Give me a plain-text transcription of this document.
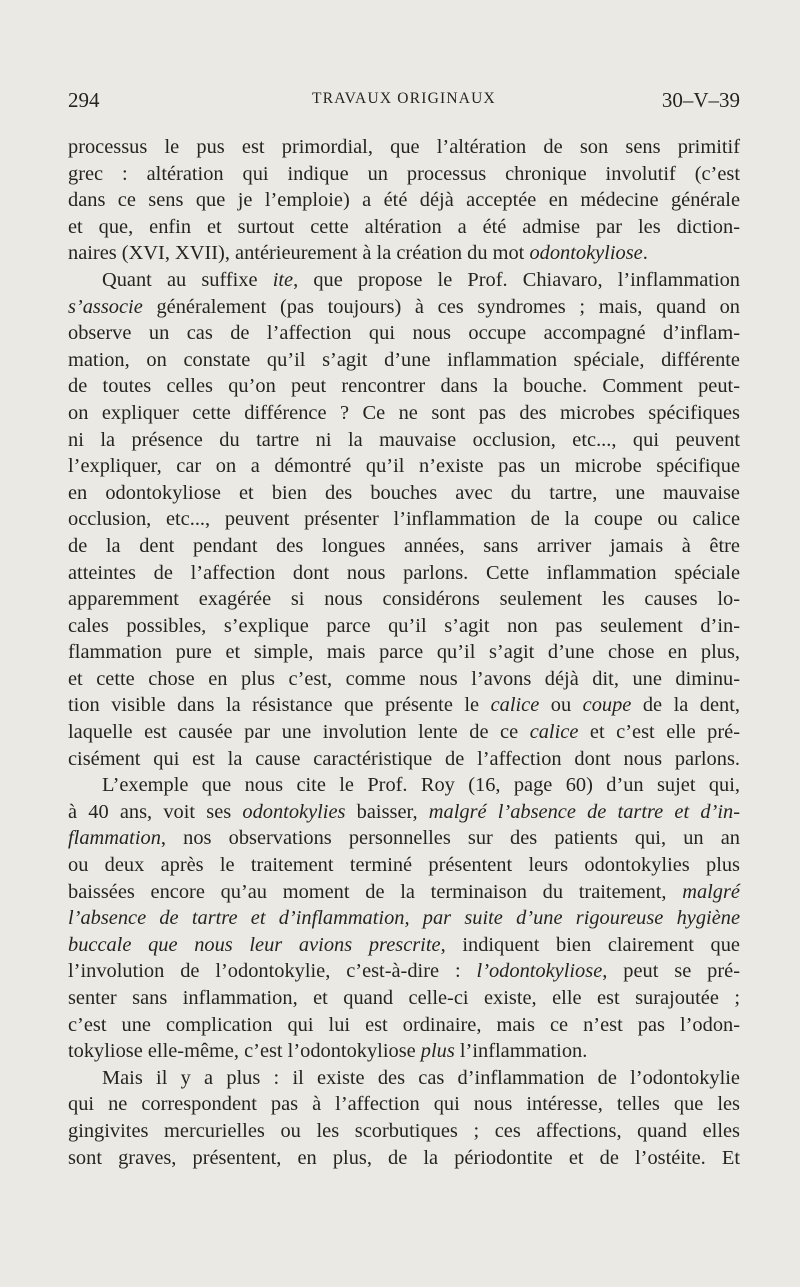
294	TRAVAUX ORIGINAUX	30–V–39
processus le pus est primordial, que l’altération de son sens primitif
grec : altération qui indique un processus chronique involutif (c’est
dans ce sens que je l’emploie) a été déjà acceptée en médecine générale
et que, enfin et surtout cette altération a été admise par les diction-
naires (XVI, XVII), antérieurement à la création du mot odontokyliose.
Quant au suffixe ite, que propose le Prof. Chiavaro, l’inflammation
s’associe généralement (pas toujours) à ces syndromes ; mais, quand on
observe un cas de l’affection qui nous occupe accompagné d’inflam-
mation, on constate qu’il s’agit d’une inflammation spéciale, différente
de toutes celles qu’on peut rencontrer dans la bouche. Comment peut-
on expliquer cette différence ? Ce ne sont pas des microbes spécifiques
ni la présence du tartre ni la mauvaise occlusion, etc..., qui peuvent
l’expliquer, car on a démontré qu’il n’existe pas un microbe spécifique
en odontokyliose et bien des bouches avec du tartre, une mauvaise
occlusion, etc..., peuvent présenter l’inflammation de la coupe ou calice
de la dent pendant des longues années, sans arriver jamais à être
atteintes de l’affection dont nous parlons. Cette inflammation spéciale
apparemment exagérée si nous considérons seulement les causes lo-
cales possibles, s’explique parce qu’il s’agit non pas seulement d’in-
flammation pure et simple, mais parce qu’il s’agit d’une chose en plus,
et cette chose en plus c’est, comme nous l’avons déjà dit, une diminu-
tion visible dans la résistance que présente le calice ou coupe de la dent,
laquelle est causée par une involution lente de ce calice et c’est elle pré-
cisément qui est la cause caractéristique de l’affection dont nous parlons.
L’exemple que nous cite le Prof. Roy (16, page 60) d’un sujet qui,
à 40 ans, voit ses odontokylies baisser, malgré l’absence de tartre et d’in-
flammation, nos observations personnelles sur des patients qui, un an
ou deux après le traitement terminé présentent leurs odontokylies plus
baissées encore qu’au moment de la terminaison du traitement, malgré
l’absence de tartre et d’inflammation, par suite d’une rigoureuse hygiène
buccale que nous leur avions prescrite, indiquent bien clairement que
l’involution de l’odontokylie, c’est-à-dire : l’odontokyliose, peut se pré-
senter sans inflammation, et quand celle-ci existe, elle est surajoutée ;
c’est une complication qui lui est ordinaire, mais ce n’est pas l’odon-
tokyliose elle-même, c’est l’odontokyliose plus l’inflammation.
Mais il y a plus : il existe des cas d’inflammation de l’odontokylie
qui ne correspondent pas à l’affection qui nous intéresse, telles que les
gingivites mercurielles ou les scorbutiques ; ces affections, quand elles
sont graves, présentent, en plus, de la périodontite et de l’ostéite. Et
